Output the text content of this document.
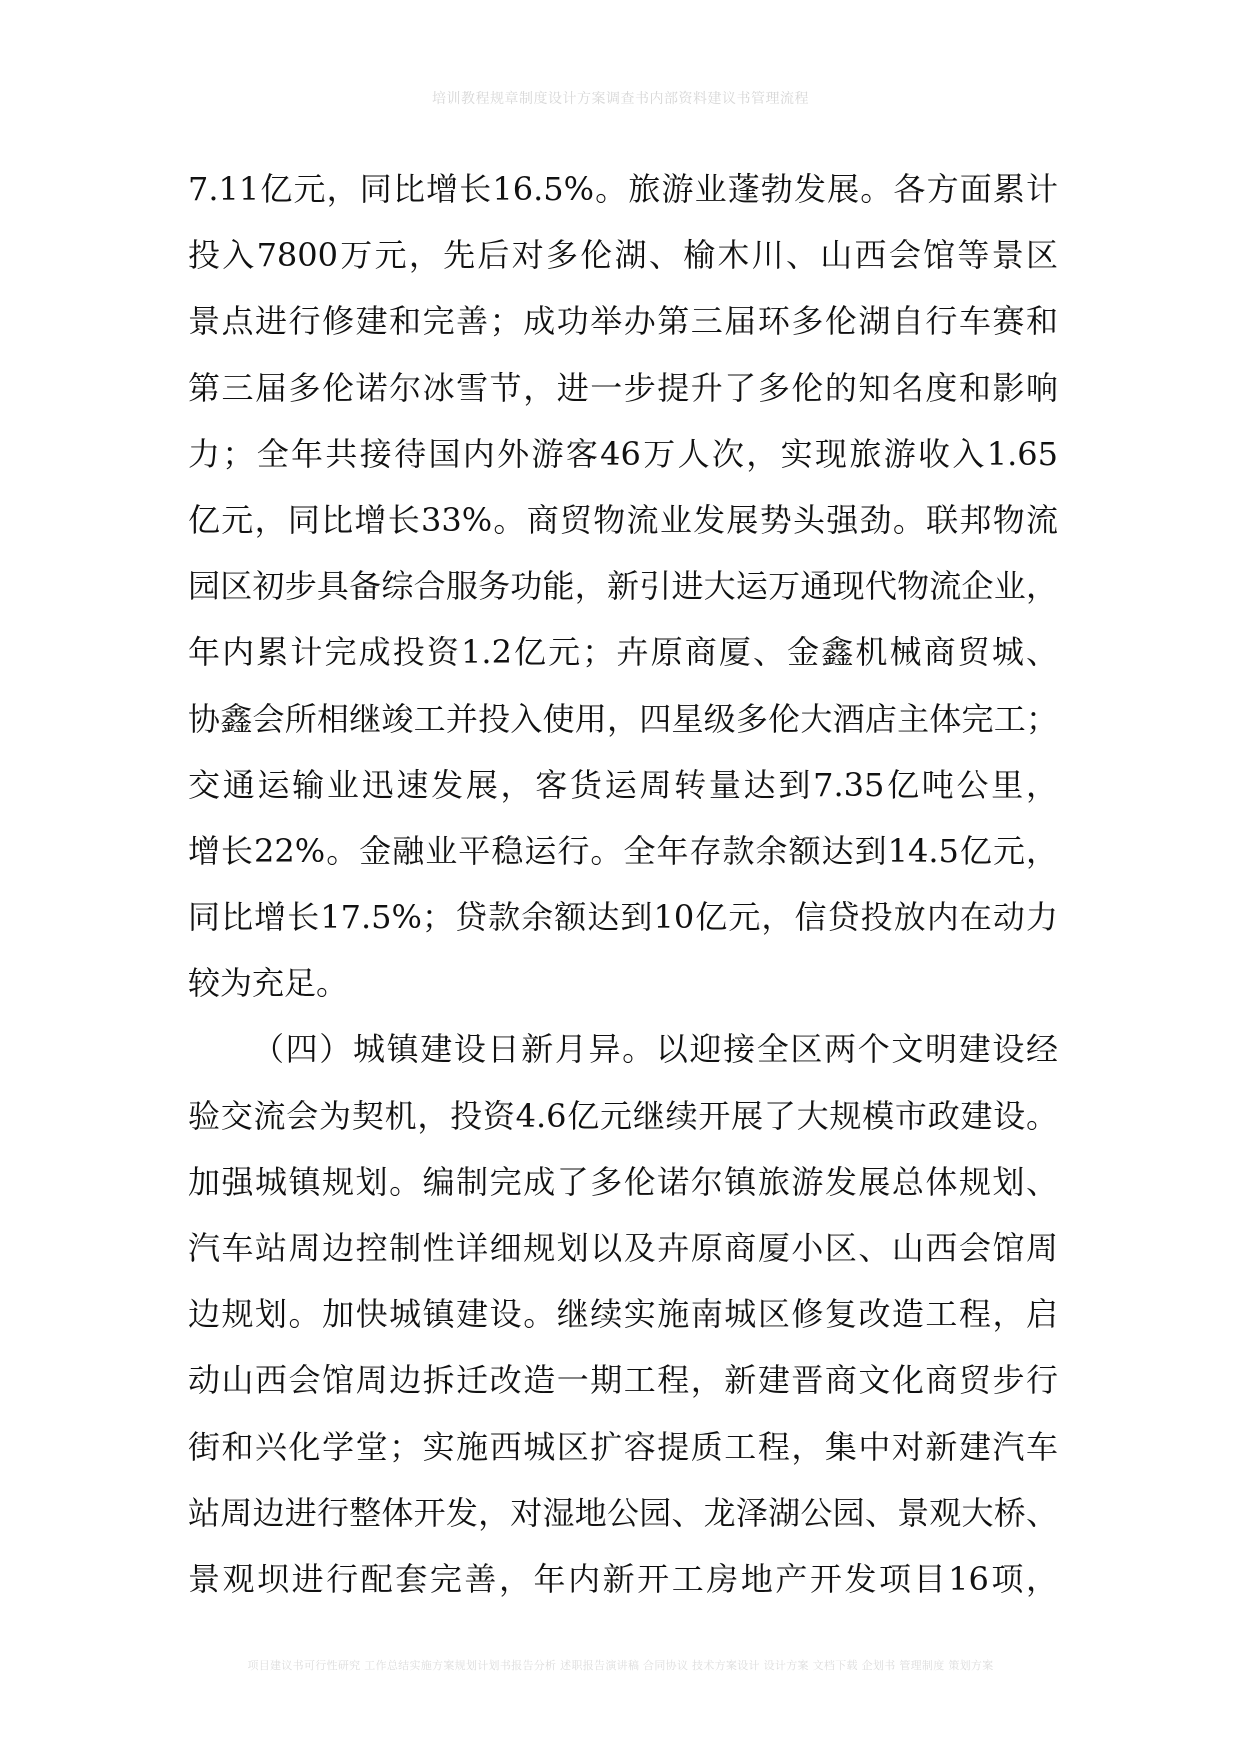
培训教程规章制度设计方案调查书内部资料建议书管理流程
7.11亿元，同比增长16.5%。旅游业蓬勃发展。各方面累计
投入7800万元，先后对多伦湖、榆木川、山西会馆等景区
景点进行修建和完善；成功举办第三届环多伦湖自行车赛和
第三届多伦诺尔冰雪节，进一步提升了多伦的知名度和影响
力；全年共接待国内外游客46万人次，实现旅游收入1.65
亿元，同比增长33%。商贸物流业发展势头强劲。联邦物流
园区初步具备综合服务功能，新引进大运万通现代物流企业，
年内累计完成投资1.2亿元；卉原商厦、金鑫机械商贸城、
协鑫会所相继竣工并投入使用，四星级多伦大酒店主体完工；
交通运输业迅速发展，客货运周转量达到7.35亿吨公里，
增长22%。金融业平稳运行。全年存款余额达到14.5亿元，
同比增长17.5%；贷款余额达到10亿元，信贷投放内在动力
较为充足。
（四）城镇建设日新月异。以迎接全区两个文明建设经
验交流会为契机，投资4.6亿元继续开展了大规模市政建设。
加强城镇规划。编制完成了多伦诺尔镇旅游发展总体规划、
汽车站周边控制性详细规划以及卉原商厦小区、山西会馆周
边规划。加快城镇建设。继续实施南城区修复改造工程，启
动山西会馆周边拆迁改造一期工程，新建晋商文化商贸步行
街和兴化学堂；实施西城区扩容提质工程，集中对新建汽车
站周边进行整体开发，对湿地公园、龙泽湖公园、景观大桥、
景观坝进行配套完善，年内新开工房地产开发项目16项，
项目建议书可行性研究 工作总结实施方案规划计划书报告分析 述职报告演讲稿 合同协议 技术方案设计 设计方案 文档下载 企划书 管理制度 策划方案
